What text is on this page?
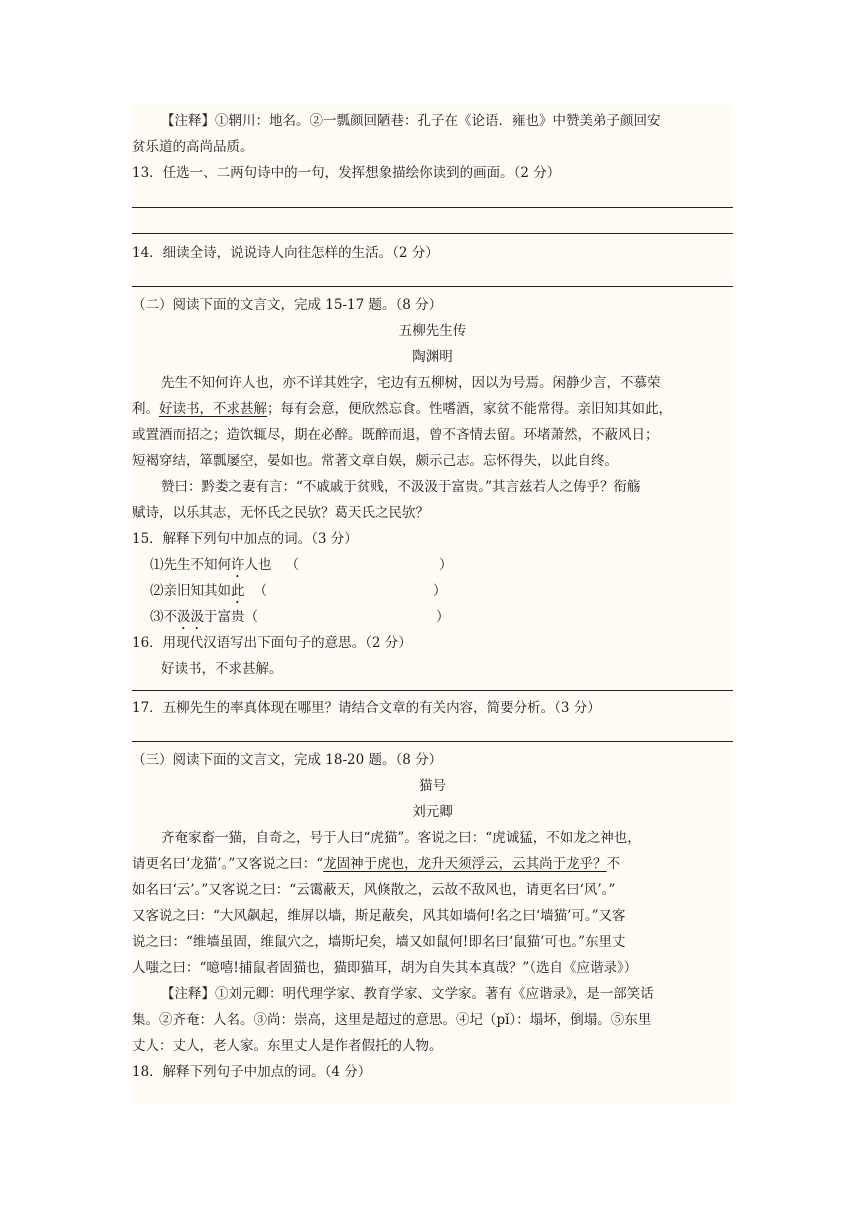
【注释】①辋川：地名。②一瓢颜回陋巷：孔子在《论语．雍也》中赞美弟子颜回安
贫乐道的高尚品质。
13．任选一、二两句诗中的一句，发挥想象描绘你读到的画面。（2 分）
14．细读全诗，说说诗人向往怎样的生活。（2 分）
（二）阅读下面的文言文，完成 15-17 题。（8 分）
五柳先生传
陶渊明
先生不知何许人也，亦不详其姓字，宅边有五柳树，因以为号焉。闲静少言，不慕荣
利。好读书，不求甚解；每有会意，便欣然忘食。性嗜酒，家贫不能常得。亲旧知其如此，
或置酒而招之；造饮辄尽，期在必醉。既醉而退，曾不吝情去留。环堵萧然，不蔽风日；
短褐穿结，箪瓢屡空，晏如也。常著文章自娱，颇示己志。忘怀得失，以此自终。
赞曰：黔娄之妻有言：“不戚戚于贫贱，不汲汲于富贵。”其言兹若人之俦乎？衔觞
赋诗，以乐其志，无怀氏之民欤？葛天氏之民欤？
15．解释下列句中加点的词。（3 分）
⑴先生不知何许人也 （	）
⑵亲旧知其如此 （	）
⑶不汲汲于富贵（	）
16．用现代汉语写出下面句子的意思。（2 分）
好读书，不求甚解。
17．五柳先生的率真体现在哪里？请结合文章的有关内容，简要分析。（3 分）
（三）阅读下面的文言文，完成 18-20 题。（8 分）
猫号
刘元卿
齐奄家畜一猫，自奇之，号于人曰“虎猫”。客说之曰：“虎诚猛，不如龙之神也，
请更名曰‘龙猫’。”又客说之曰：“龙固神于虎也，龙升天须浮云，云其尚于龙乎？不
如名曰‘云’。”又客说之曰：“云霭蔽天，风倏散之，云故不敌风也，请更名曰‘风’。”
又客说之曰：“大风飙起，维屏以墙，斯足蔽矣，风其如墙何!名之曰‘墙猫’可。”又客
说之曰：“维墙虽固，维鼠穴之，墙斯圮矣，墙又如鼠何!即名曰‘鼠猫’可也。”东里丈
人嗤之曰：“噫嘻!捕鼠者固猫也，猫即猫耳，胡为自失其本真哉？”（选自《应谐录》）
【注释】①刘元卿：明代理学家、教育学家、文学家。著有《应谐录》，是一部笑话
集。②齐奄：人名。③尚：崇高，这里是超过的意思。④圮（pǐ）：塌坏，倒塌。⑤东里
丈人：丈人，老人家。东里丈人是作者假托的人物。
18．解释下列句子中加点的词。（4 分）
